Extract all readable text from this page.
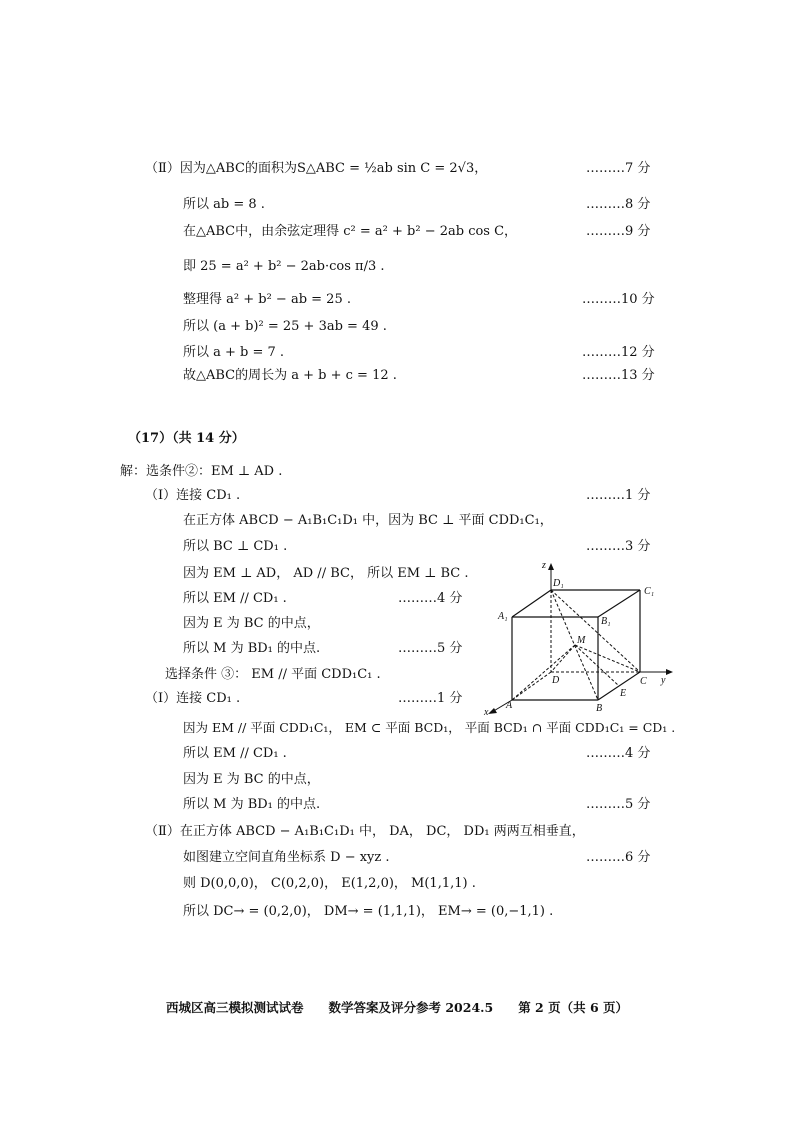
（Ⅱ）因为△ABC的面积为S△ABC = ½ab sin C = 2√3，	………7 分
所以 ab = 8 .	………8 分
在△ABC中，由余弦定理得 c² = a² + b² − 2ab cos C，	………9 分
即 25 = a² + b² − 2ab·cos π/3 .
整理得 a² + b² − ab = 25 .	………10 分
所以 (a + b)² = 25 + 3ab = 49 .
所以 a + b = 7 .	………12 分
故△ABC的周长为 a + b + c = 12 .	………13 分
（17）（共 14 分）
解：选条件②：EM ⊥ AD .
（Ⅰ）连接 CD₁ .	………1 分
在正方体 ABCD − A₁B₁C₁D₁ 中，因为 BC ⊥ 平面 CDD₁C₁，
所以 BC ⊥ CD₁ .	………3 分
因为 EM ⊥ AD， AD // BC， 所以 EM ⊥ BC .
所以 EM // CD₁ .	………4 分
因为 E 为 BC 的中点，
所以 M 为 BD₁ 的中点.	………5 分
选择条件 ③： EM // 平面 CDD₁C₁ .
（Ⅰ）连接 CD₁ .	………1 分
因为 EM // 平面 CDD₁C₁， EM ⊂ 平面 BCD₁， 平面 BCD₁ ∩ 平面 CDD₁C₁ = CD₁ .
所以 EM // CD₁ .	………4 分
因为 E 为 BC 的中点，
所以 M 为 BD₁ 的中点.	………5 分
（Ⅱ）在正方体 ABCD − A₁B₁C₁D₁ 中， DA， DC， DD₁ 两两互相垂直，
如图建立空间直角坐标系 D − xyz .	………6 分
则 D(0,0,0)， C(0,2,0)， E(1,2,0)， M(1,1,1) .
所以 DC→ = (0,2,0)， DM→ = (1,1,1)， EM→ = (0,−1,1) .
z
D₁
C₁
A₁	B₁
M
D	C y
E
A	B
x
西城区高三模拟测试试卷　　数学答案及评分参考 2024.5　　第 2 页（共 6 页）
